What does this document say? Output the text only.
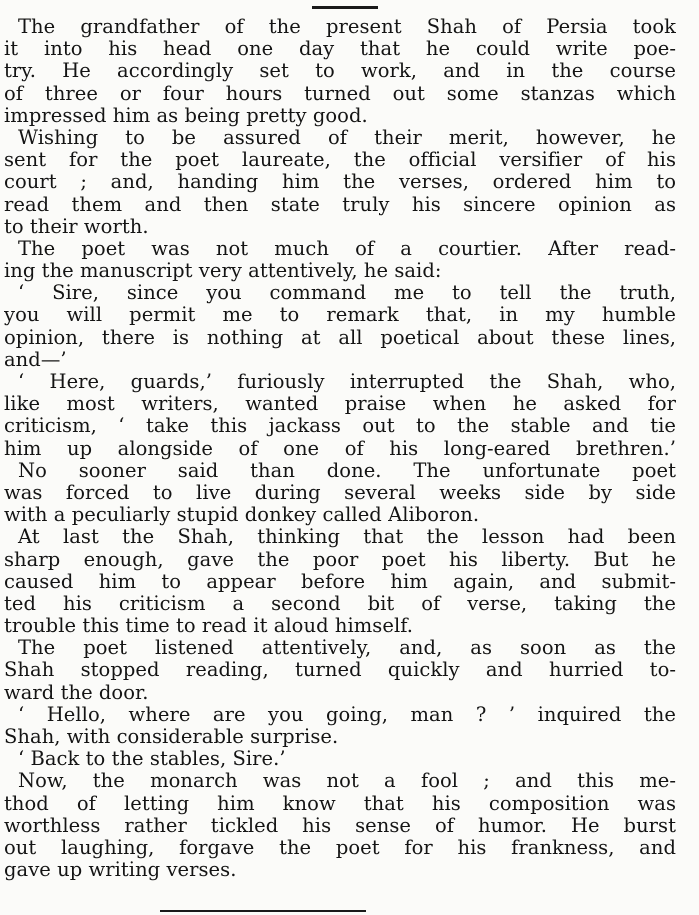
The grandfather of the present Shah of Persia took
it into his head one day that he could write poe-
try. He accordingly set to work, and in the course
of three or four hours turned out some stanzas which
impressed him as being pretty good.
Wishing to be assured of their merit, however, he
sent for the poet laureate, the official versifier of his
court ; and, handing him the verses, ordered him to
read them and then state truly his sincere opinion as
to their worth.
The poet was not much of a courtier. After read-
ing the manuscript very attentively, he said:
‘ Sire, since you command me to tell the truth,
you will permit me to remark that, in my humble
opinion, there is nothing at all poetical about these lines,
and—’
‘ Here, guards,’ furiously interrupted the Shah, who,
like most writers, wanted praise when he asked for
criticism, ‘ take this jackass out to the stable and tie
him up alongside of one of his long-eared brethren.’
No sooner said than done. The unfortunate poet
was forced to live during several weeks side by side
with a peculiarly stupid donkey called Aliboron.
At last the Shah, thinking that the lesson had been
sharp enough, gave the poor poet his liberty. But he
caused him to appear before him again, and submit-
ted his criticism a second bit of verse, taking the
trouble this time to read it aloud himself.
The poet listened attentively, and, as soon as the
Shah stopped reading, turned quickly and hurried to-
ward the door.
‘ Hello, where are you going, man ? ’ inquired the
Shah, with considerable surprise.
‘ Back to the stables, Sire.’
Now, the monarch was not a fool ; and this me-
thod of letting him know that his composition was
worthless rather tickled his sense of humor. He burst
out laughing, forgave the poet for his frankness, and
gave up writing verses.
